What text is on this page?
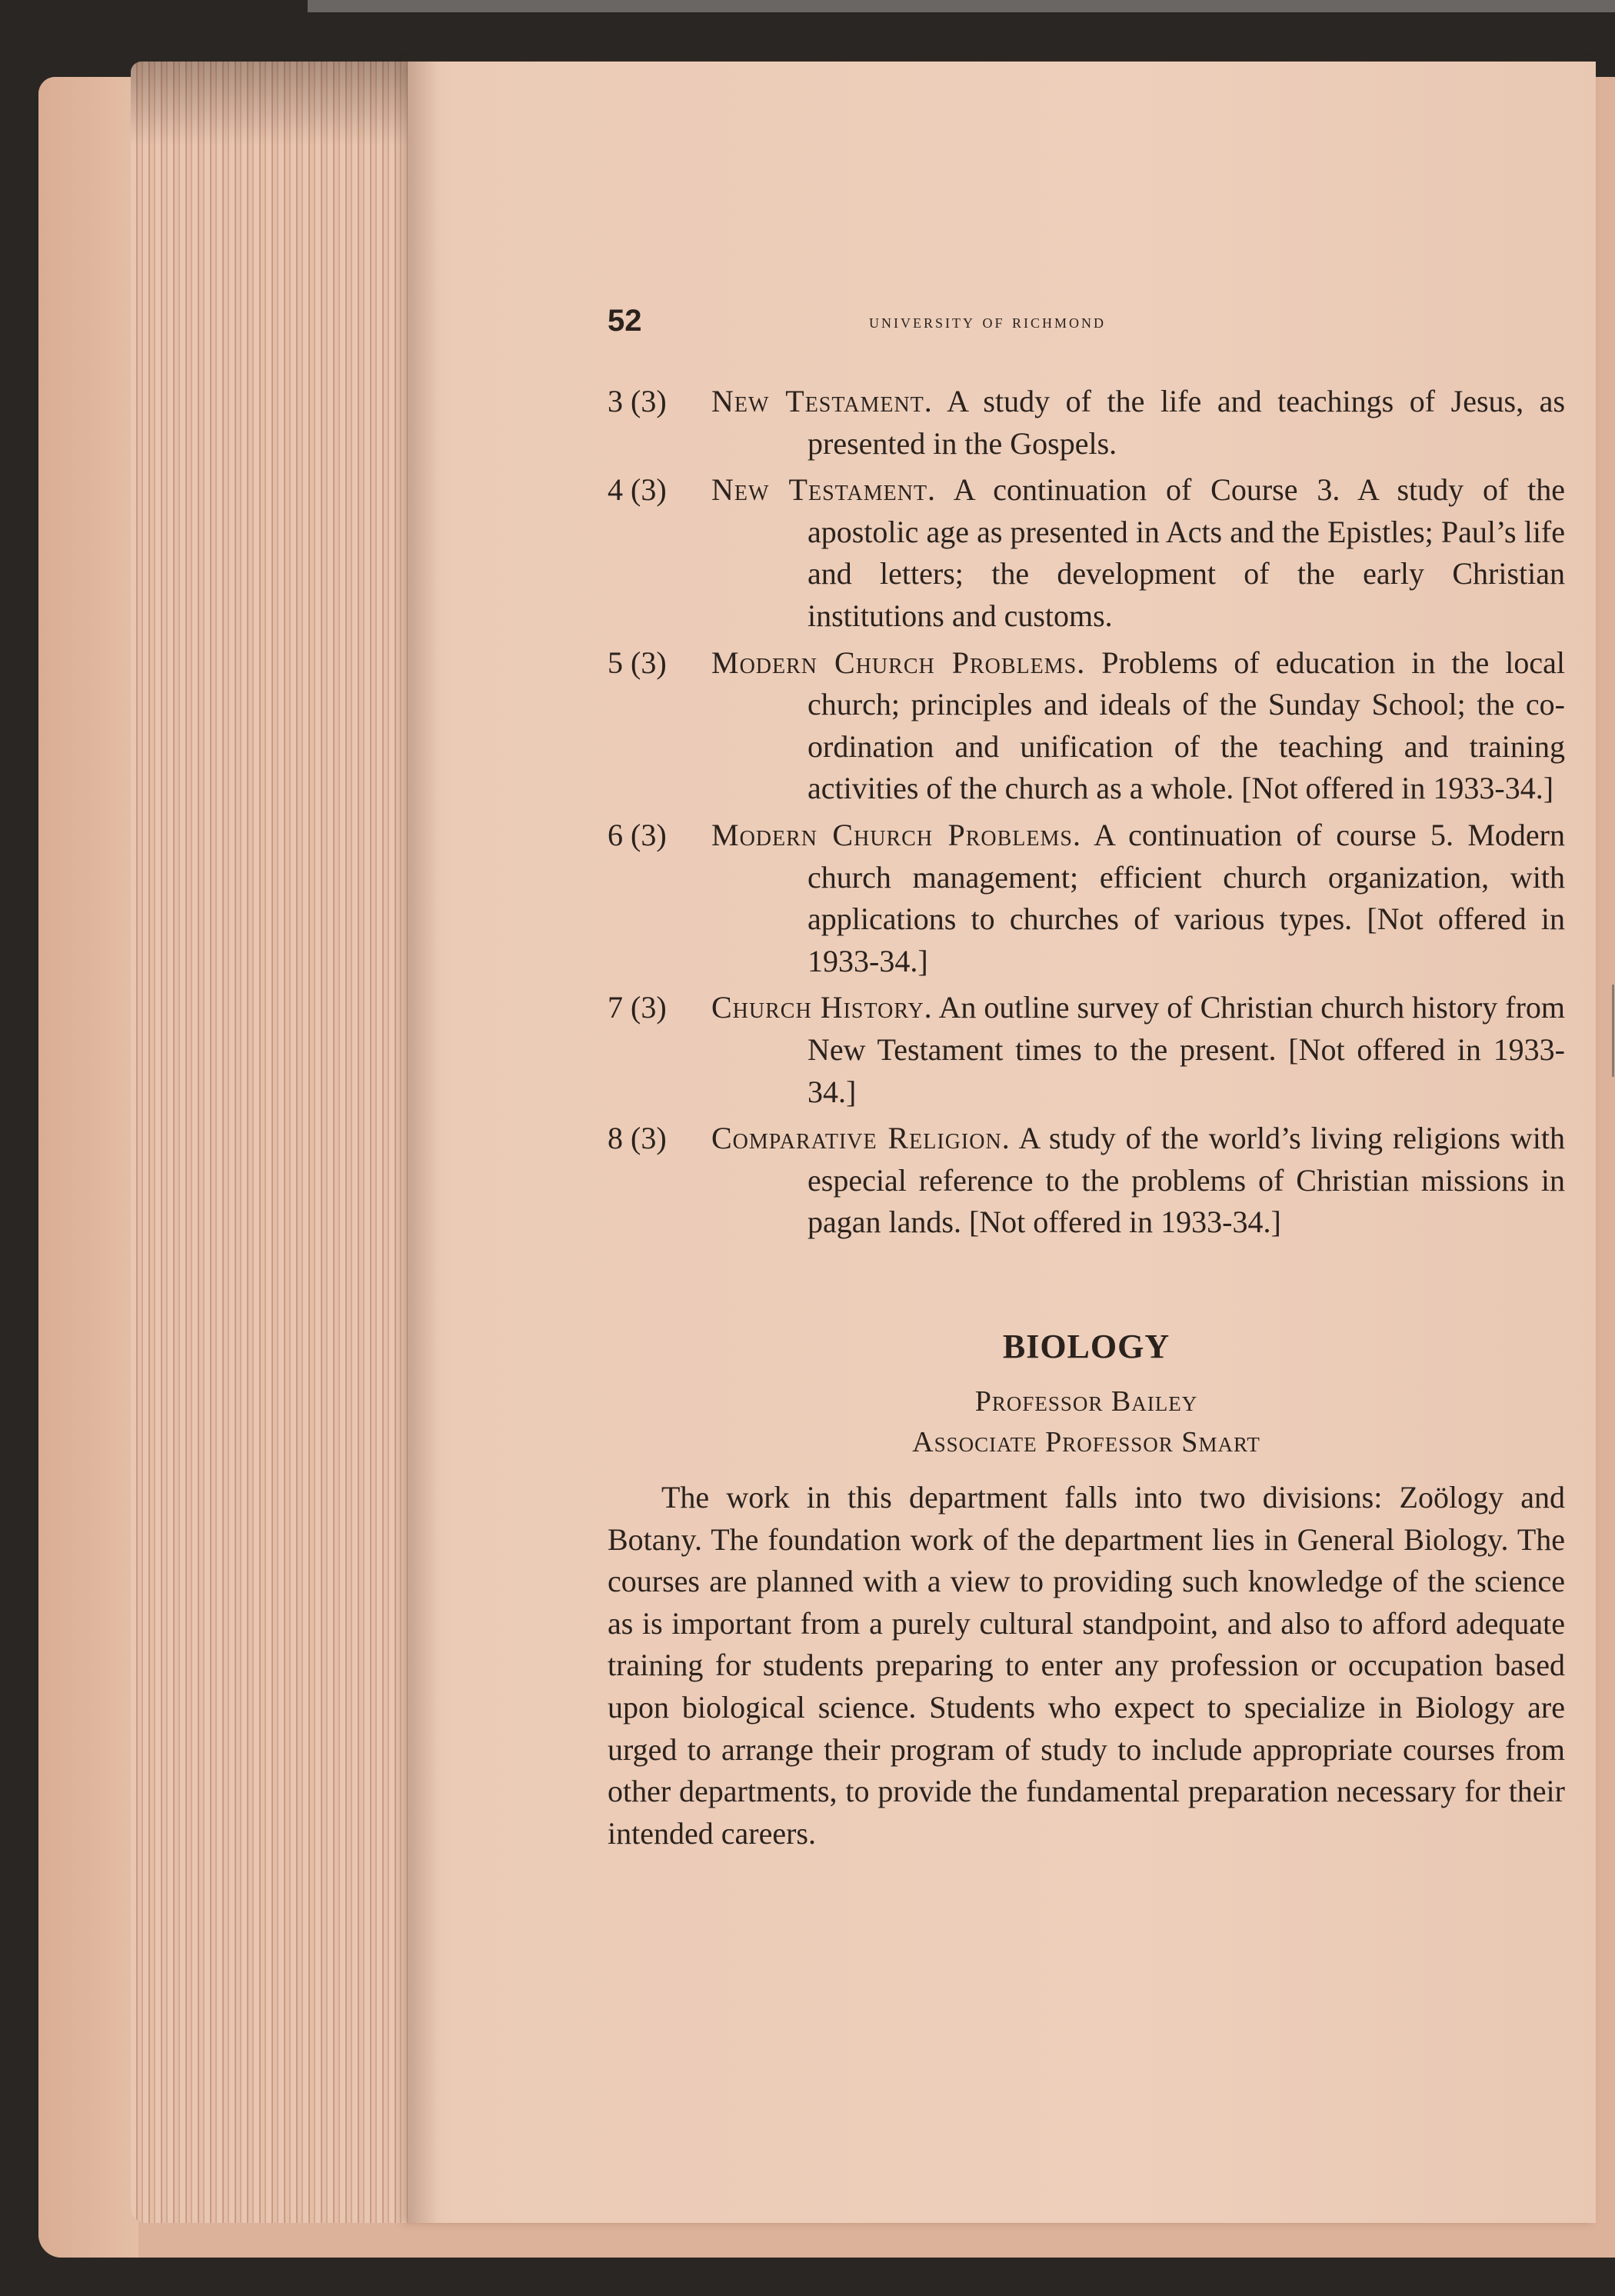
52	university of richmond
3 (3)	New Testament. A study of the life and teachings of Jesus, as presented in the Gospels.
4 (3)	New Testament. A continuation of Course 3. A study of the apostolic age as presented in Acts and the Epistles; Paul’s life and letters; the development of the early Christian institutions and customs.
5 (3)	Modern Church Problems. Problems of education in the local church; principles and ideals of the Sunday School; the co-ordination and unification of the teaching and training activities of the church as a whole. [Not offered in 1933-34.]
6 (3)	Modern Church Problems. A continuation of course 5. Modern church management; efficient church organization, with applications to churches of various types. [Not offered in 1933-34.]
7 (3)	Church History. An outline survey of Christian church history from New Testament times to the present. [Not offered in 1933-34.]
8 (3)	Comparative Religion. A study of the world’s living religions with especial reference to the problems of Christian missions in pagan lands. [Not offered in 1933-34.]
BIOLOGY
Professor Bailey
Associate Professor Smart

The work in this department falls into two divisions: Zoölogy and Botany. The foundation work of the department lies in General Biology. The courses are planned with a view to providing such knowledge of the science as is important from a purely cultural standpoint, and also to afford adequate training for students preparing to enter any profession or occupation based upon biological science. Students who expect to specialize in Biology are urged to arrange their program of study to include appropriate courses from other departments, to provide the fundamental preparation necessary for their intended careers.
